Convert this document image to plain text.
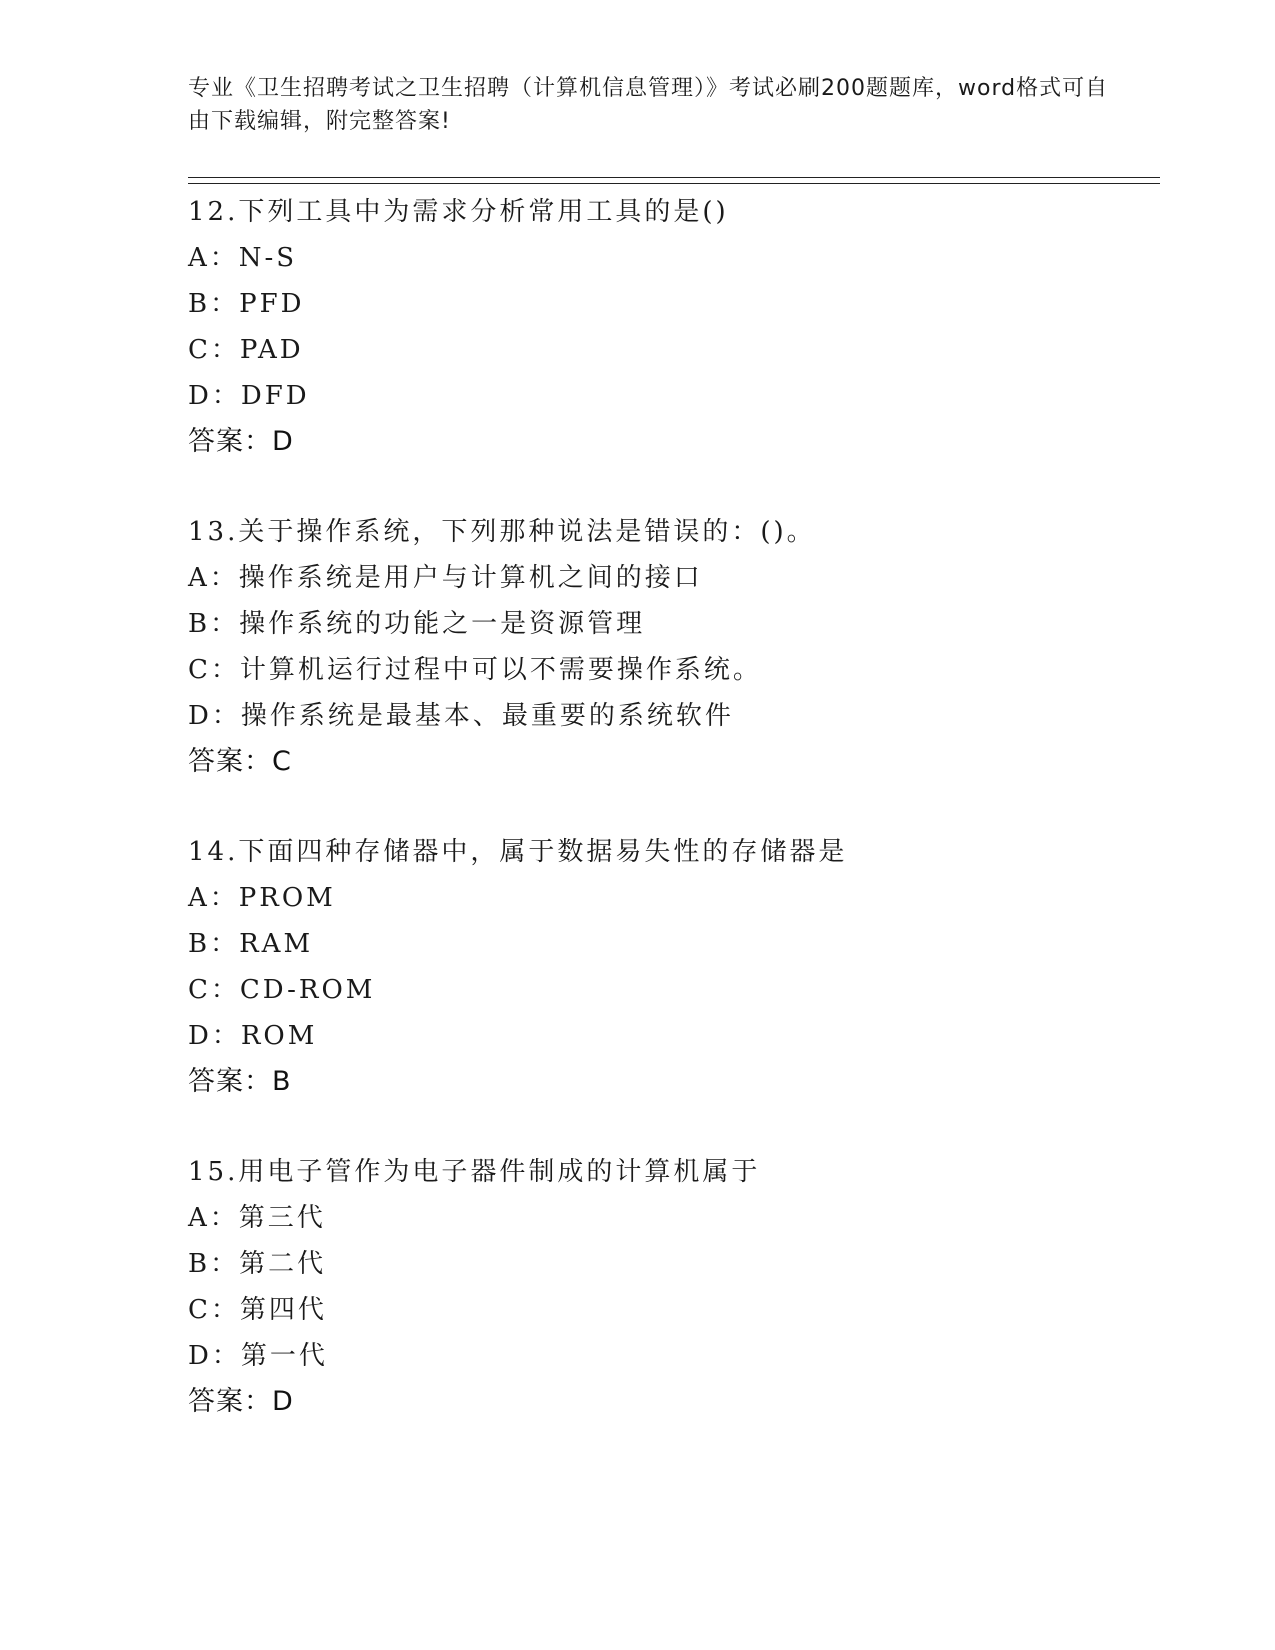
专业《卫生招聘考试之卫生招聘（计算机信息管理）》考试必刷200题题库，word格式可自由下载编辑，附完整答案!

12.下列工具中为需求分析常用工具的是()
A：N-S
B：PFD
C：PAD
D：DFD
答案：D
13.关于操作系统，下列那种说法是错误的：()。
A：操作系统是用户与计算机之间的接口
B：操作系统的功能之一是资源管理
C：计算机运行过程中可以不需要操作系统。
D：操作系统是最基本、最重要的系统软件
答案：C
14.下面四种存储器中，属于数据易失性的存储器是
A：PROM
B：RAM
C：CD-ROM
D：ROM
答案：B
15.用电子管作为电子器件制成的计算机属于
A：第三代
B：第二代
C：第四代
D：第一代
答案：D
